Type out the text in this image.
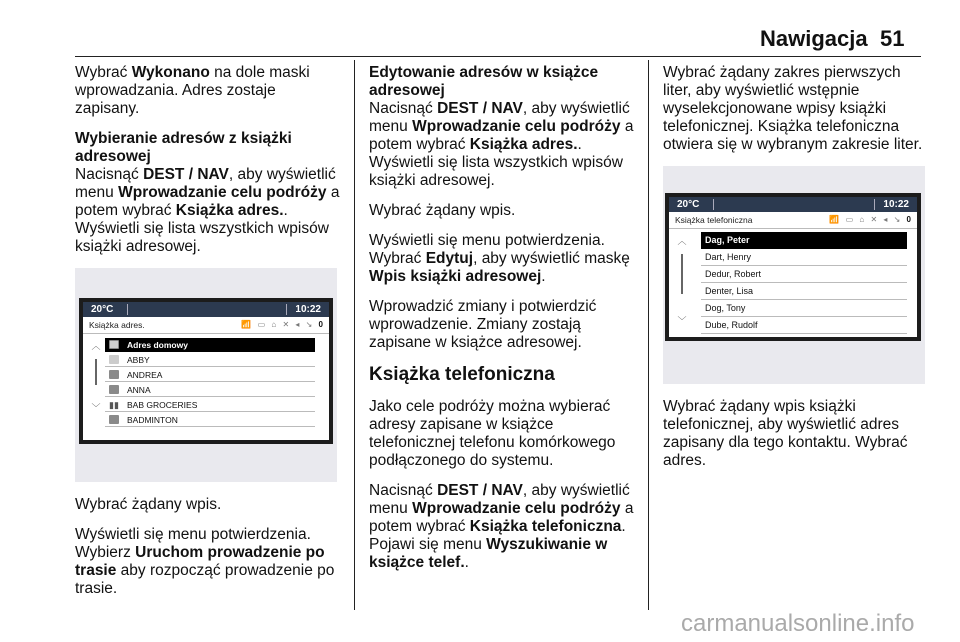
Nawigacja 51

Wybrać Wykonano na dole maski wprowadzania. Adres zostaje zapisany.

Wybieranie adresów z książki adresowej

Nacisnąć DEST / NAV, aby wyświetlić menu Wprowadzanie celu podróży a potem wybrać Książka adres.. Wyświetli się lista wszystkich wpisów książki adresowej.

20°C	10:22
Książka adres.	📶 ▭ ⌂ ✕ ◂ ↘ 0
︿
﹀
Adres domowy
ABBY
ANDREA
ANNA
▮▮ BAB GROCERIES
BADMINTON

Wybrać żądany wpis.

Wyświetli się menu potwierdzenia. Wybierz Uruchom prowadzenie po trasie aby rozpocząć prowadzenie po trasie.

Edytowanie adresów w książce adresowej

Nacisnąć DEST / NAV, aby wyświetlić menu Wprowadzanie celu podróży a potem wybrać Książka adres.. Wyświetli się lista wszystkich wpisów książki adresowej.

Wybrać żądany wpis.

Wyświetli się menu potwierdzenia. Wybrać Edytuj, aby wyświetlić maskę Wpis książki adresowej.

Wprowadzić zmiany i potwierdzić wprowadzenie. Zmiany zostają zapisane w książce adresowej.

Książka telefoniczna

Jako cele podróży można wybierać adresy zapisane w książce telefonicznej telefonu komórkowego podłączonego do systemu.

Nacisnąć DEST / NAV, aby wyświetlić menu Wprowadzanie celu podróży a potem wybrać Książka telefoniczna. Pojawi się menu Wyszukiwanie w książce telef..

Wybrać żądany zakres pierwszych liter, aby wyświetlić wstępnie wyselekcjonowane wpisy książki telefonicznej. Książka telefoniczna otwiera się w wybranym zakresie liter.

20°C	10:22
Książka telefoniczna	📶 ▭ ⌂ ✕ ◂ ↘ 0
︿
﹀
Dag, Peter
Dart, Henry
Dedur, Robert
Denter, Lisa
Dog, Tony
Dube, Rudolf

Wybrać żądany wpis książki telefonicznej, aby wyświetlić adres zapisany dla tego kontaktu. Wybrać adres.

carmanualsonline.info
